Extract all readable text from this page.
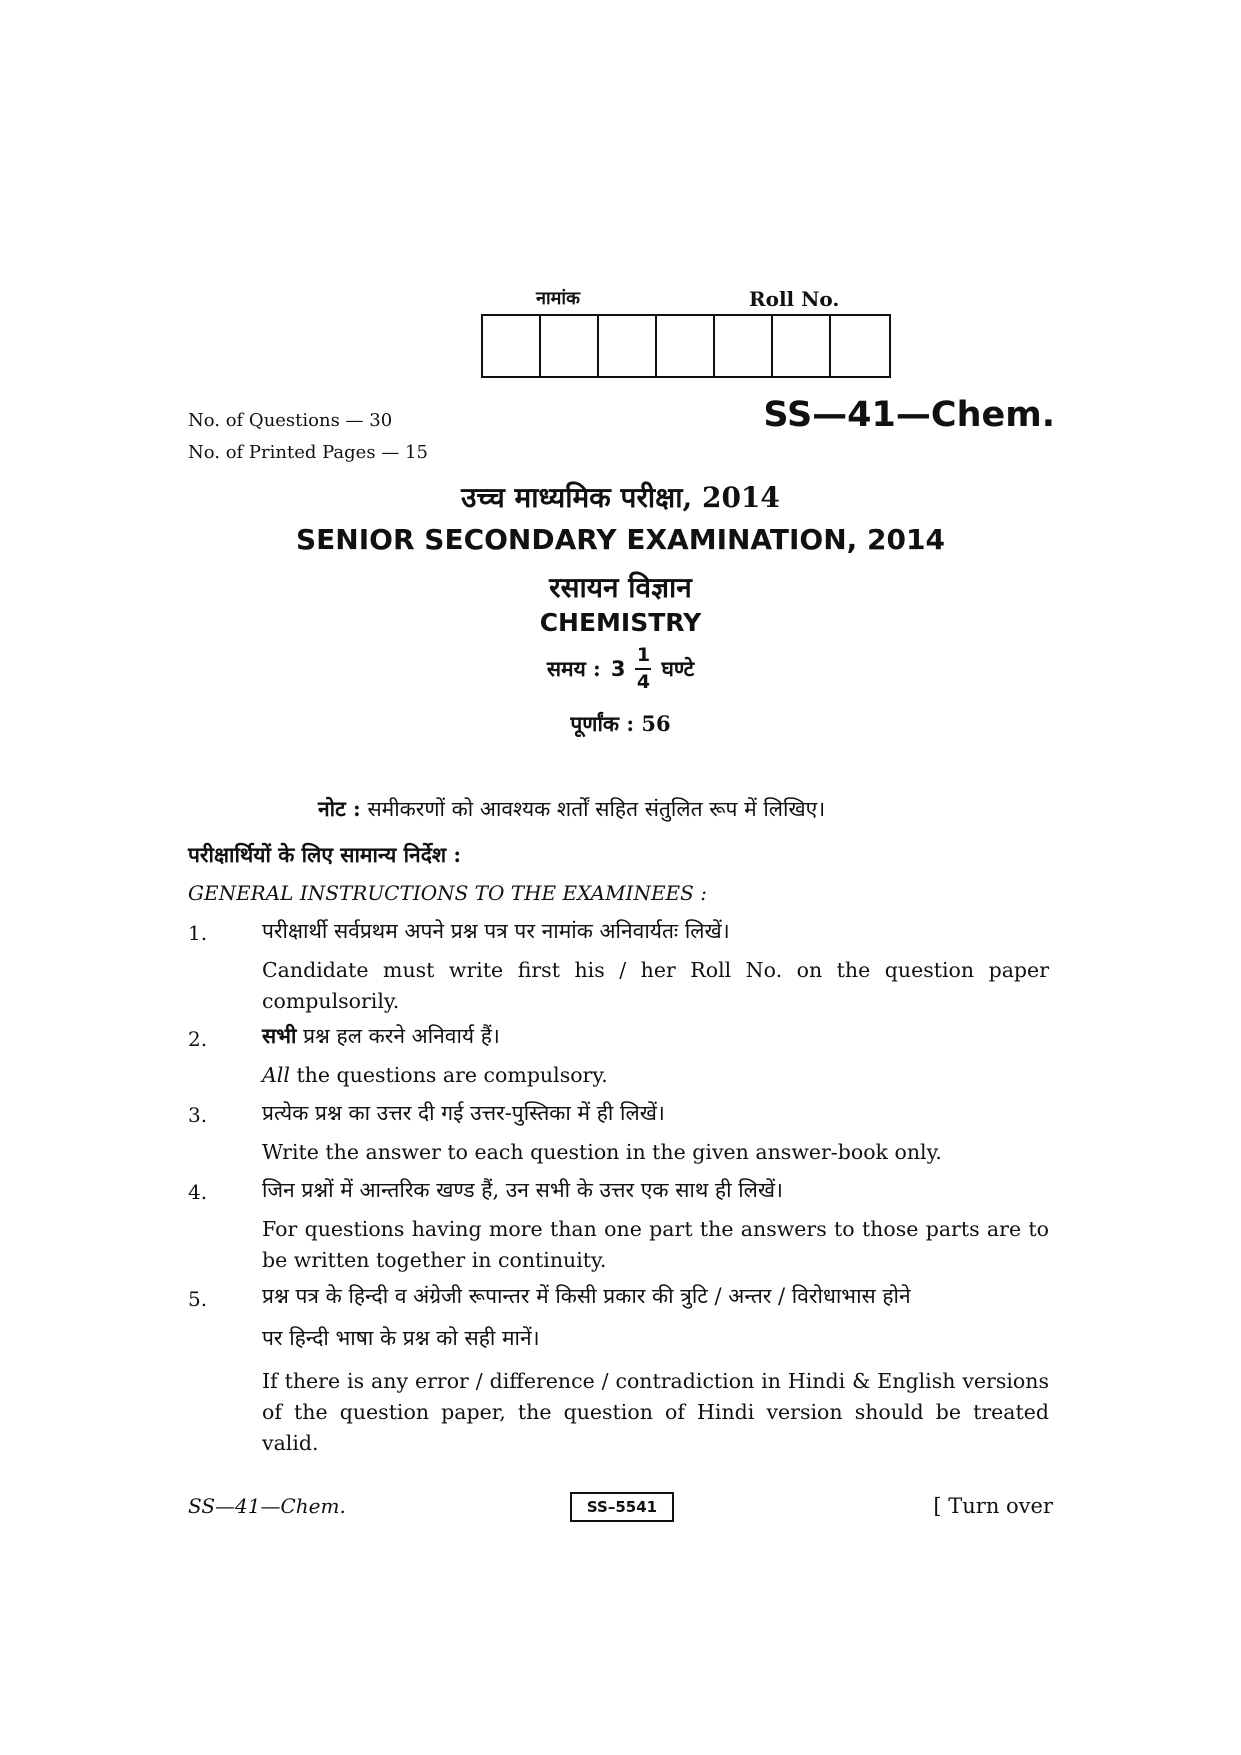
नामांक	Roll No.
No. of Questions — 30
No. of Printed Pages — 15
SS—41—Chem.
उच्च माध्यमिक परीक्षा, 2014
SENIOR SECONDARY EXAMINATION, 2014
रसायन विज्ञान
CHEMISTRY
समय : $3 \frac{1}{4}$ घण्टे
पूर्णांक : 56
नोट : समीकरणों को आवश्यक शर्तों सहित संतुलित रूप में लिखिए।
परीक्षार्थियों के लिए सामान्य निर्देश :
GENERAL INSTRUCTIONS TO THE EXAMINEES :
1.	परीक्षार्थी सर्वप्रथम अपने प्रश्न पत्र पर नामांक अनिवार्यतः लिखें।
Candidate must write first his / her Roll No. on the question paper compulsorily.
2.	सभी प्रश्न हल करने अनिवार्य हैं।
All the questions are compulsory.
3.	प्रत्येक प्रश्न का उत्तर दी गई उत्तर-पुस्तिका में ही लिखें।
Write the answer to each question in the given answer-book only.
4.	जिन प्रश्नों में आन्तरिक खण्ड हैं, उन सभी के उत्तर एक साथ ही लिखें।
For questions having more than one part the answers to those parts are to be written together in continuity.
5.	प्रश्न पत्र के हिन्दी व अंग्रेजी रूपान्तर में किसी प्रकार की त्रुटि / अन्तर / विरोधाभास होने
पर हिन्दी भाषा के प्रश्न को सही मानें।
If there is any error / difference / contradiction in Hindi & English versions of the question paper, the question of Hindi version should be treated valid.
SS—41—Chem.	SS–5541	[ Turn over
